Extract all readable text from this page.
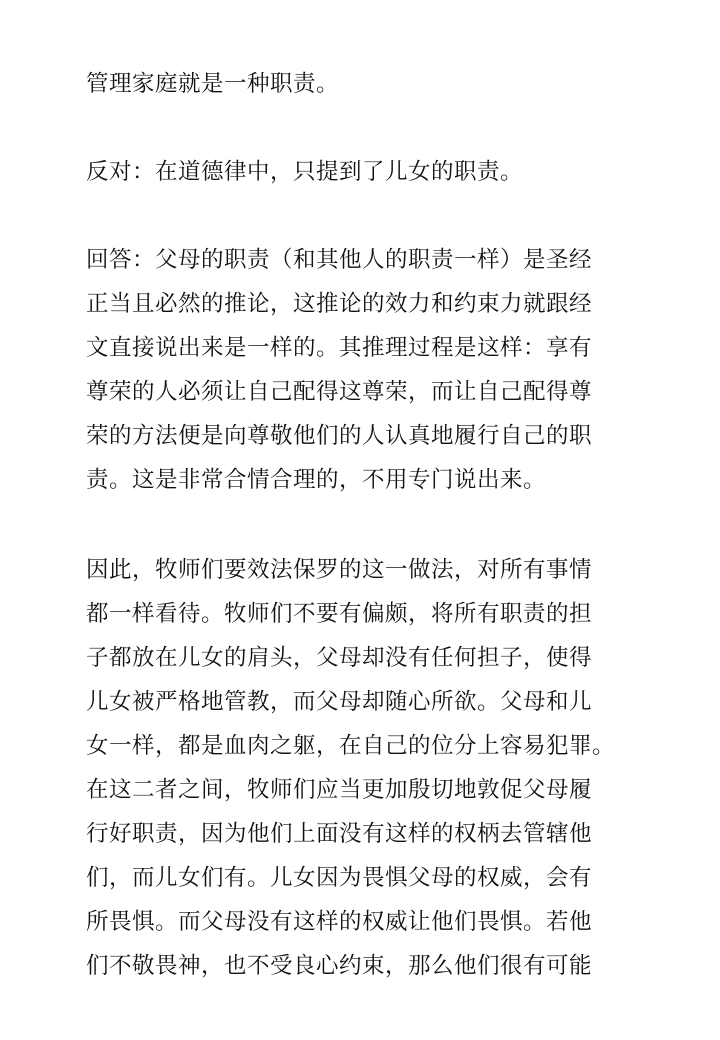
管理家庭就是一种职责。

反对：在道德律中，只提到了儿女的职责。

回答：父母的职责（和其他人的职责一样）是圣经
正当且必然的推论，这推论的效力和约束力就跟经
文直接说出来是一样的。其推理过程是这样：享有
尊荣的人必须让自己配得这尊荣，而让自己配得尊
荣的方法便是向尊敬他们的人认真地履行自己的职
责。这是非常合情合理的，不用专门说出来。

因此，牧师们要效法保罗的这一做法，对所有事情
都一样看待。牧师们不要有偏颇，将所有职责的担
子都放在儿女的肩头，父母却没有任何担子，使得
儿女被严格地管教，而父母却随心所欲。父母和儿
女一样，都是血肉之躯，在自己的位分上容易犯罪。
在这二者之间，牧师们应当更加殷切地敦促父母履
行好职责，因为他们上面没有这样的权柄去管辖他
们，而儿女们有。儿女因为畏惧父母的权威，会有
所畏惧。而父母没有这样的权威让他们畏惧。若他
们不敬畏神，也不受良心约束，那么他们很有可能
